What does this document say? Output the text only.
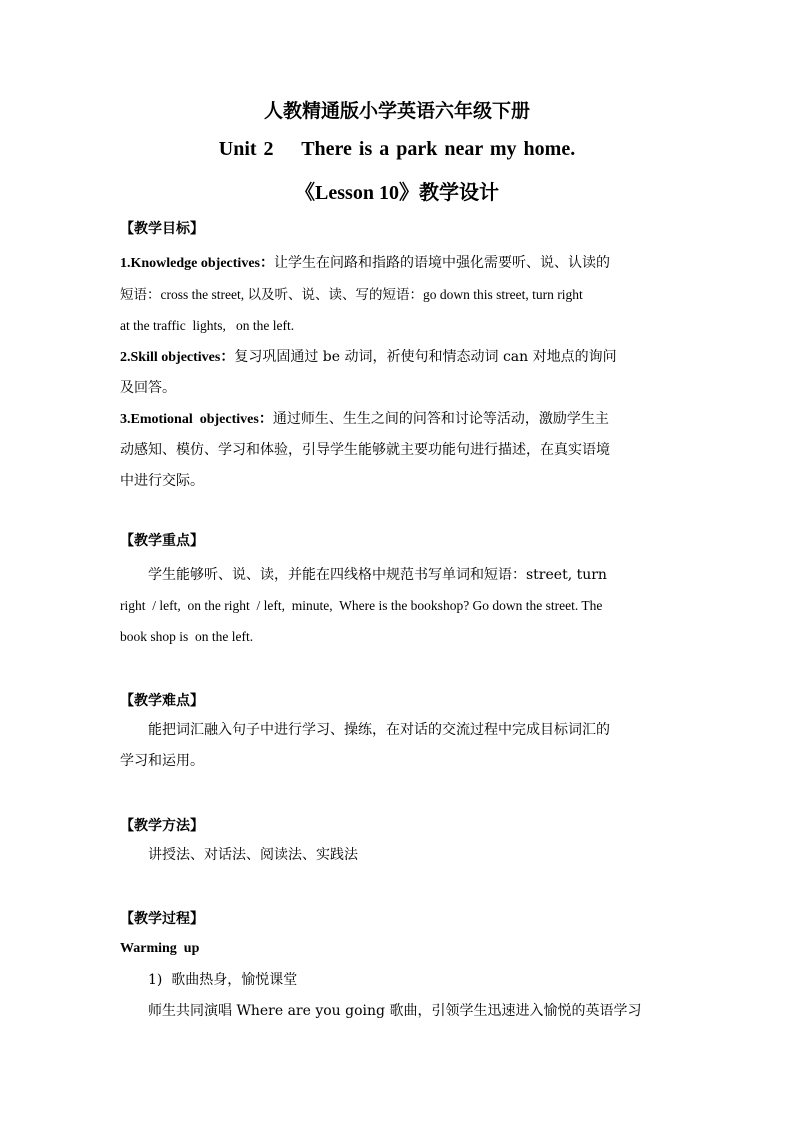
人教精通版小学英语六年级下册
Unit 2    There is a park near my home.
《Lesson 10》教学设计
【教学目标】
1.Knowledge objectives：让学生在问路和指路的语境中强化需要听、说、认读的
短语：cross the street, 以及听、说、读、写的短语：go down this street, turn right
at the traffic  lights,   on the left.
2.Skill objectives：复习巩固通过 be 动词，祈使句和情态动词 can 对地点的询问
及回答。
3.Emotional  objectives：通过师生、生生之间的问答和讨论等活动，激励学生主
动感知、模仿、学习和体验，引导学生能够就主要功能句进行描述，在真实语境
中进行交际。
【教学重点】
学生能够听、说、读，并能在四线格中规范书写单词和短语：street, turn
right  / left,  on the right  / left,  minute,  Where is the bookshop? Go down the street. The
book shop is  on the left.
【教学难点】
能把词汇融入句子中进行学习、操练，在对话的交流过程中完成目标词汇的
学习和运用。
【教学方法】
讲授法、对话法、阅读法、实践法
【教学过程】
Warming  up
1)  歌曲热身，愉悦课堂
师生共同演唱 Where are you going 歌曲，引领学生迅速进入愉悦的英语学习
